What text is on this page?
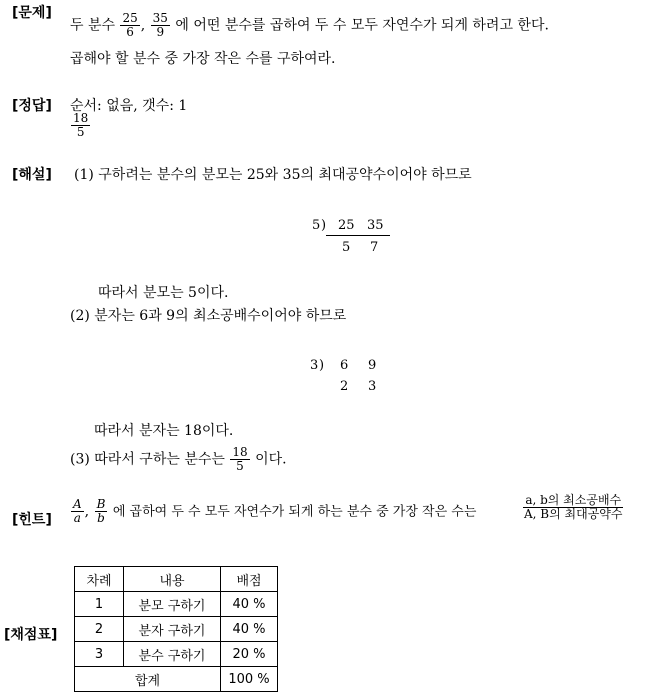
[문제]
두 분수 $\frac{25}{6}$ , $\frac{35}{9}$ 에 어떤 분수를 곱하여 두 수 모두 자연수가 되게 하려고 한다.
곱해야 할 분수 중 가장 작은 수를 구하여라.
[정답] 순서: 없음, 갯수: 1
$\frac{18}{5}$
[해설] (1) 구하려는 분수의 분모는 25와 35의 최대공약수이어야 하므로
5 ) 25 35
5 7
따라서 분모는 5이다.
(2) 분자는 6과 9의 최소공배수이어야 하므로
3 ) 6 9
2 3
따라서 분자는 18이다.
(3) 따라서 구하는 분수는 $\frac{18}{5}$ 이다.
[힌트] $\frac{A}{a}$ , $\frac{B}{b}$ 에 곱하여 두 수 모두 자연수가 되게 하는 분수 중 가장 작은 수는	$\frac{\text{a, b의 최소공배수}}{\text{A, B의 최대공약수}}$
[채점표]
차례	내용	배점
1	분모 구하기	40 %
2	분자 구하기	40 %
3	분수 구하기	20 %
합계		100 %
